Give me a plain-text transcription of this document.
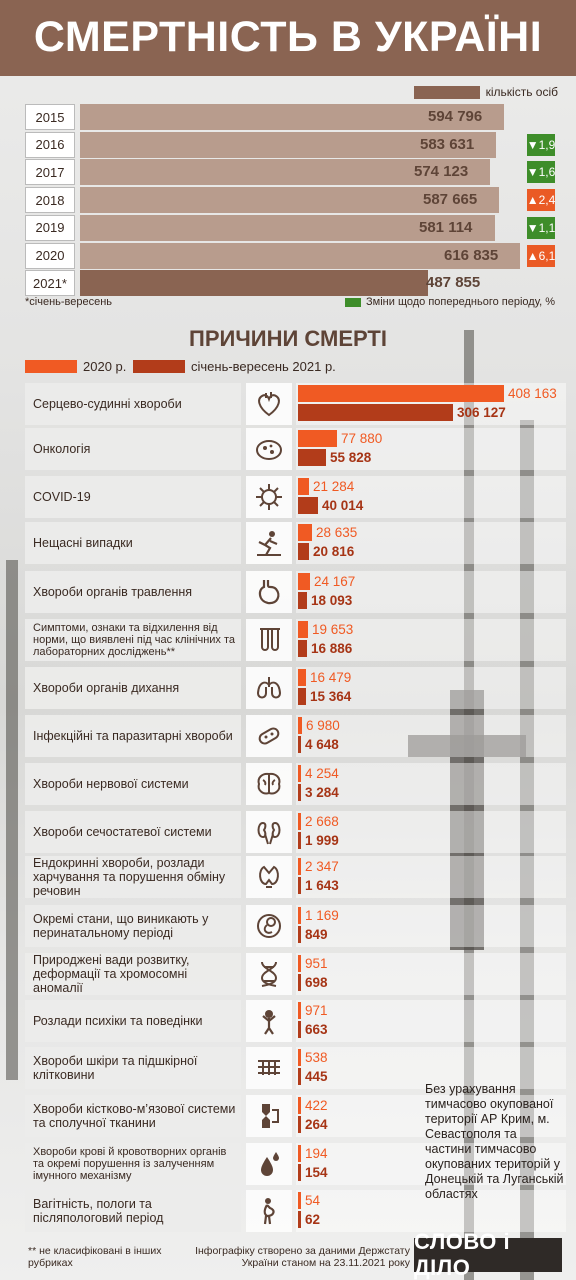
СМЕРТНІСТЬ В УКРАЇНІ
кількість осіб
2015	594 796
2016	583 631	▼1,9
2017	574 123	▼1,6
2018	587 665	▲2,4
2019	581 114	▼1,1
2020	616 835 ▲6,1
2021*	487 855
*січень-вересень	Зміни щодо попереднього періоду, %
ПРИЧИНИ СМЕРТІ
2020 р.	січень-вересень 2021 р.
Серцево-судинні хвороби
408 163
306 127
Онкологія
77 880
55 828
COVID-19
21 284
40 014
Нещасні випадки
28 635
20 816
Хвороби органів травлення
24 167
18 093
Симптоми, ознаки та відхилення від норми, що виявлені під час клінічних та лабораторних досліджень**
19 653
16 886
Хвороби органів дихання
16 479
15 364
Інфекційні та паразитарні хвороби
6 980
4 648
Хвороби нервової системи
4 254
3 284
Хвороби сечостатевої системи
2 668
1 999
Ендокринні хвороби, розлади харчування та порушення обміну речовин
2 347
1 643
Окремі стани, що виникають у перинатальному періоді
1 169
849
Природжені вади розвитку, деформації та хромосомні аномалії
951
698
Розлади психіки та поведінки
971
663
Хвороби шкіри та підшкірної клітковини
538
445
Хвороби кістково-м’язової системи та сполучної тканини
422
264
Хвороби крові й кровотворних органів та окремі порушення із залученням імунного механізму
194
154
Вагітність, пологи та післяпологовий період
54
62
Без урахування тимчасово окупованої території АР Крим, м. Севастополя та частини тимчасово окупованих територій у Донецькій та Луганській областях
** не класифіковані в інших рубриках
Інфографіку створено за даними Держстату України станом на 23.11.2021 року
СЛОВО і ДІЛО
